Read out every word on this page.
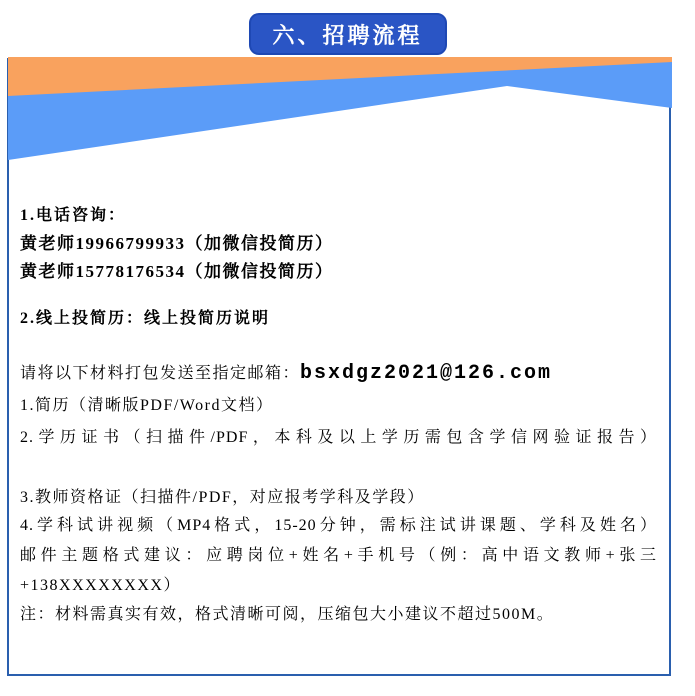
六、招聘流程
1.电话咨询：
黄老师19966799933（加微信投简历）
黄老师15778176534（加微信投简历）
2.线上投简历：线上投简历说明
请将以下材料打包发送至指定邮箱：bsxdgz2021@126.com
1.简历（清晰版PDF/Word文档）
2.学历证书（扫描件/PDF，本科及以上学历需包含学信网验证报告）
3.教师资格证（扫描件/PDF，对应报考学科及学段）
4.学科试讲视频（MP4格式，15-20分钟，需标注试讲课题、学科及姓名）
邮件主题格式建议：应聘岗位+姓名+手机号（例：高中语文教师+张三
+138XXXXXXXX）
注：材料需真实有效，格式清晰可阅，压缩包大小建议不超过500M。
